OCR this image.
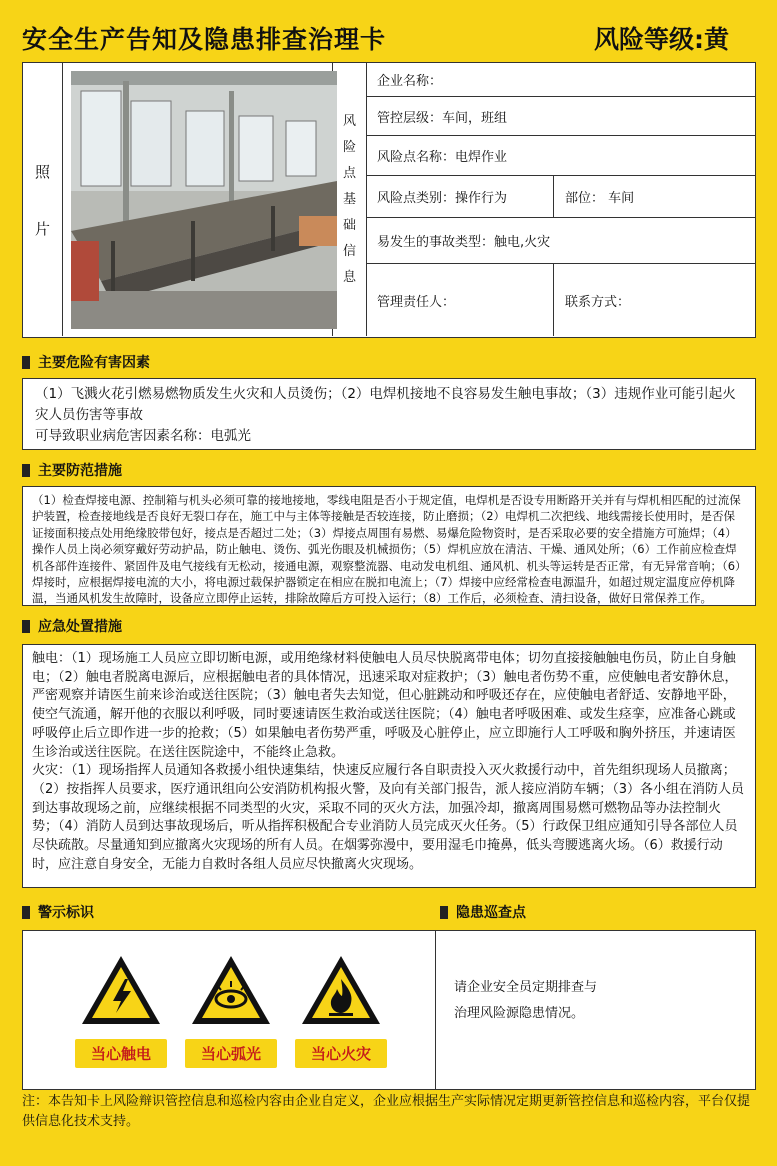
安全生产告知及隐患排查治理卡	风险等级:黄
照
片
风
险
点
基
础
信
息
企业名称：
管控层级：车间，班组
风险点名称：电焊作业
风险点类别：操作行为	部位： 车间
易发生的事故类型：触电,火灾
管理责任人：	联系方式：
主要危险有害因素
（1）飞溅火花引燃易燃物质发生火灾和人员烫伤；（2）电焊机接地不良容易发生触电事故；（3）违规作业可能引起火灾人员伤害等事故
可导致职业病危害因素名称：电弧光
主要防范措施
（1）检查焊接电源、控制箱与机头必须可靠的接地接地，零线电阻是否小于规定值，电焊机是否设专用断路开关并有与焊机相匹配的过流保护装置，检查接地线是否良好无裂口存在，施工中与主体等接触是否较连接，防止磨损；（2）电焊机二次把线、地线需接长使用时，是否保证接面积接点处用绝缘胶带包好，接点是否超过二处；（3）焊接点周围有易燃、易爆危险物资时，是否采取必要的安全措施方可施焊；（4）操作人员上岗必须穿戴好劳动护品，防止触电、烫伤、弧光伤眼及机械损伤；（5）焊机应放在清洁、干燥、通风处所；（6）工作前应检查焊机各部件连接件、紧固件及电气接线有无松动，接通电源，观察整流器、电动发电机组、通风机、机头等运转是否正常，有无异常音响；（6）焊接时，应根据焊接电流的大小，将电源过载保护器锁定在相应在脱扣电流上；（7）焊接中应经常检查电源温升，如超过规定温度应停机降温，当通风机发生故障时，设备应立即停止运转，排除故障后方可投入运行；（8）工作后，必须检查、清扫设备，做好日常保养工作。
应急处置措施
触电：（1）现场施工人员应立即切断电源，或用绝缘材料使触电人员尽快脱离带电体；切勿直接接触触电伤员，防止自身触电；（2）触电者脱离电源后，应根据触电者的具体情况，迅速采取对症救护；（3）触电者伤势不重，应使触电者安静休息，严密观察并请医生前来诊治或送往医院；（3）触电者失去知觉，但心脏跳动和呼吸还存在，应使触电者舒适、安静地平卧，使空气流通，解开他的衣服以利呼吸，同时要速请医生救治或送往医院；（4）触电者呼吸困难、或发生痉挛，应准备心跳或呼吸停止后立即作进一步的抢救；（5）如果触电者伤势严重，呼吸及心脏停止，应立即施行人工呼吸和胸外挤压，并速请医生诊治或送往医院。在送往医院途中，不能终止急救。
火灾：（1）现场指挥人员通知各救援小组快速集结，快速反应履行各自职责投入灭火救援行动中，首先组织现场人员撤离；（2）按指挥人员要求，医疗通讯组向公安消防机构报火警，及向有关部门报告，派人接应消防车辆；（3）各小组在消防人员到达事故现场之前，应继续根据不同类型的火灾，采取不同的灭火方法，加强冷却，撤离周围易燃可燃物品等办法控制火势；（4）消防人员到达事故现场后，听从指挥积极配合专业消防人员完成灭火任务。（5）行政保卫组应通知引导各部位人员尽快疏散。尽量通知到应撤离火灾现场的所有人员。在烟雾弥漫中，要用湿毛巾掩鼻，低头弯腰逃离火场。（6）救援行动时，应注意自身安全，无能力自救时各组人员应尽快撤离火灾现场。
警示标识	隐患巡查点
当心触电	当心弧光	当心火灾
请企业安全员定期排查与
治理风险源隐患情况。
注：本告知卡上风险辩识管控信息和巡检内容由企业自定义，企业应根据生产实际情况定期更新管控信息和巡检内容，平台仅提供信息化技术支持。
